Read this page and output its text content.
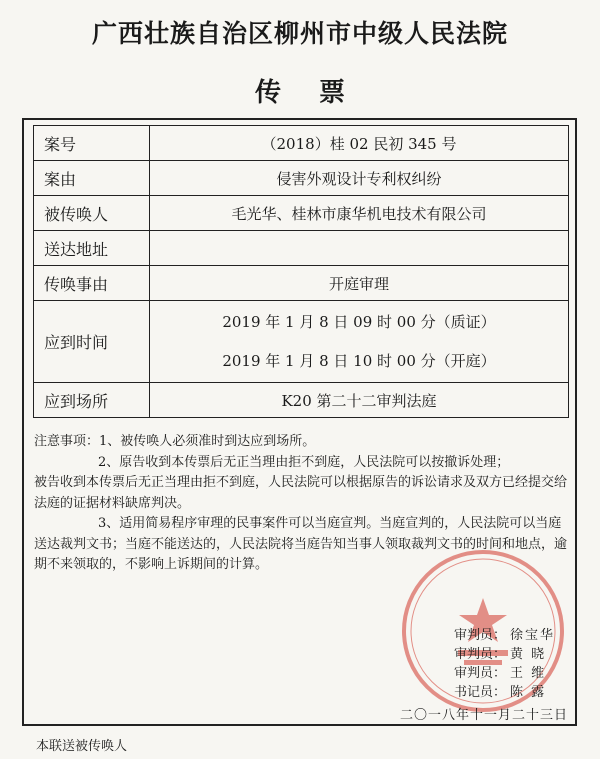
广西壮族自治区柳州市中级人民法院
传票
案号	（2018）桂 02 民初 345 号
案由	侵害外观设计专利权纠纷
被传唤人	毛光华、桂林市康华机电技术有限公司
送达地址	
传唤事由	开庭审理
应到时间	2019 年 1 月 8 日 09 时 00 分（质证）
2019 年 1 月 8 日 10 时 00 分（开庭）

应到场所	K20 第二十二审判法庭

注意事项：1、被传唤人必须准时到达应到场所。

2、原告收到本传票后无正当理由拒不到庭，人民法院可以按撤诉处理；

被告收到本传票后无正当理由拒不到庭，人民法院可以根据原告的诉讼请求及双方已经提交给法庭的证据材料缺席判决。

3、适用简易程序审理的民事案件可以当庭宣判。当庭宣判的，人民法院可以当庭送达裁判文书；当庭不能送达的，人民法院将当庭告知当事人领取裁判文书的时间和地点，逾期不来领取的，不影响上诉期间的计算。

审判员： 徐宝华
审判员： 黄 晓
审判员： 王 维
书记员： 陈 露
二〇一八年十一月二十三日
本联送被传唤人
